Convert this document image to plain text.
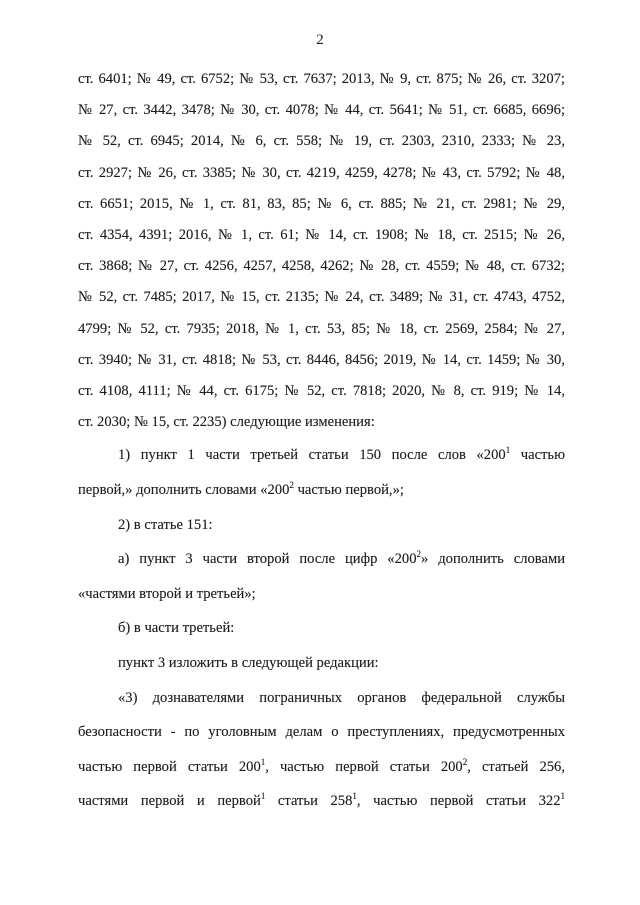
2
ст. 6401; № 49, ст. 6752; № 53, ст. 7637; 2013, № 9, ст. 875; № 26, ст. 3207;
№ 27, ст. 3442, 3478; № 30, ст. 4078; № 44, ст. 5641; № 51, ст. 6685, 6696;
№ 52, ст. 6945; 2014, № 6, ст. 558; № 19, ст. 2303, 2310, 2333; № 23,
ст. 2927; № 26, ст. 3385; № 30, ст. 4219, 4259, 4278; № 43, ст. 5792; № 48,
ст. 6651; 2015, № 1, ст. 81, 83, 85; № 6, ст. 885; № 21, ст. 2981; № 29,
ст. 4354, 4391; 2016, № 1, ст. 61; № 14, ст. 1908; № 18, ст. 2515; № 26,
ст. 3868; № 27, ст. 4256, 4257, 4258, 4262; № 28, ст. 4559; № 48, ст. 6732;
№ 52, ст. 7485; 2017, № 15, ст. 2135; № 24, ст. 3489; № 31, ст. 4743, 4752,
4799; № 52, ст. 7935; 2018, № 1, ст. 53, 85; № 18, ст. 2569, 2584; № 27,
ст. 3940; № 31, ст. 4818; № 53, ст. 8446, 8456; 2019, № 14, ст. 1459; № 30,
ст. 4108, 4111; № 44, ст. 6175; № 52, ст. 7818; 2020, № 8, ст. 919; № 14,
ст. 2030; № 15, ст. 2235) следующие изменения:
1) пункт 1 части третьей статьи 150 после слов «$200^1$ частью
первой,» дополнить словами «$200^2$ частью первой,»;
2) в статье 151:
а) пункт 3 части второй после цифр «$200^2$» дополнить словами
«частями второй и третьей»;
б) в части третьей:
пункт 3 изложить в следующей редакции:
«3) дознавателями пограничных органов федеральной службы
безопасности - по уголовным делам о преступлениях, предусмотренных
частью первой статьи $200^1$, частью первой статьи $200^2$, статьей 256,
частями первой и первой$^1$ статьи $258^1$, частью первой статьи $322^1$
